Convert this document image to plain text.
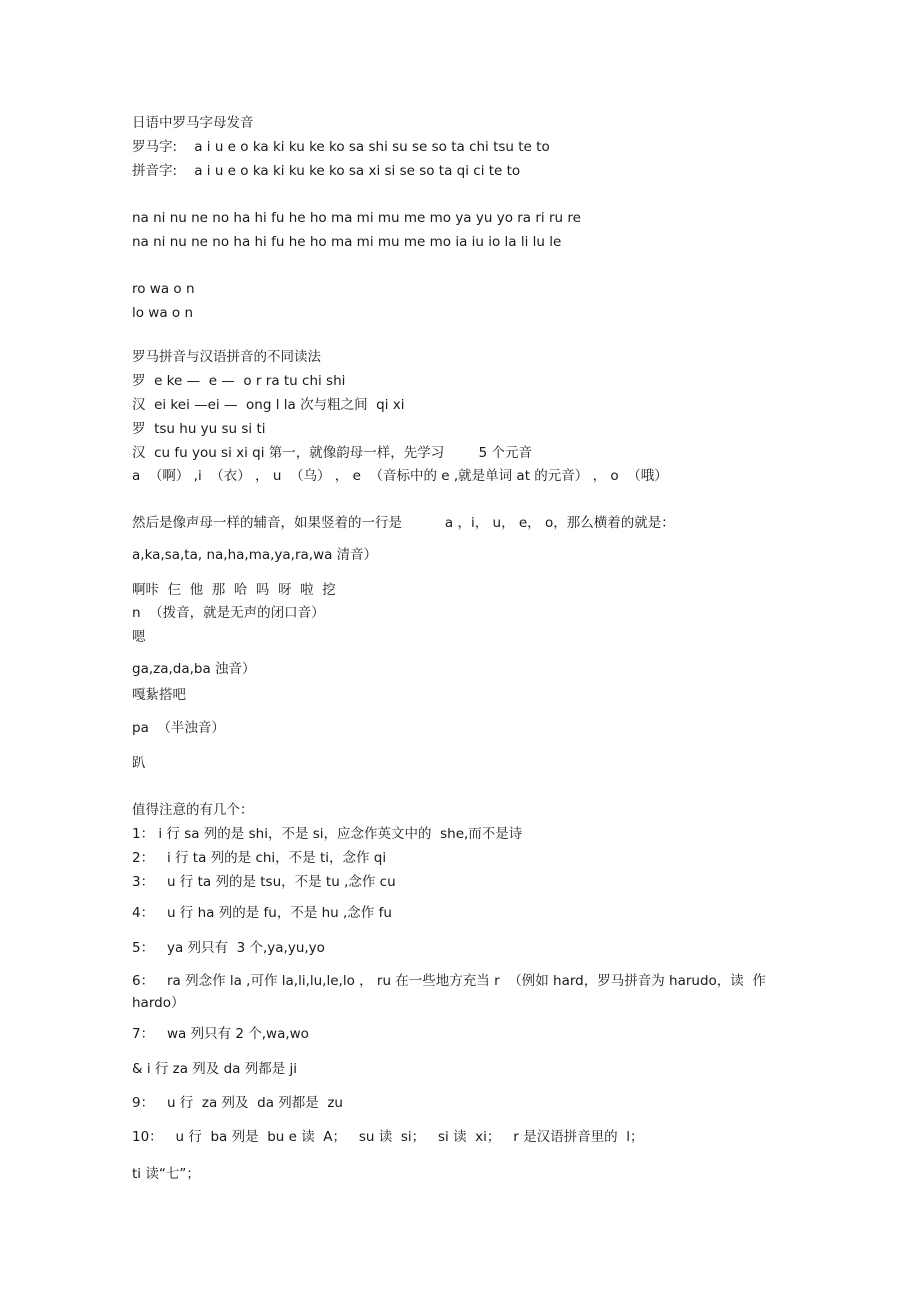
日语中罗马字母发音
罗马字:    a i u e o ka ki ku ke ko sa shi su se so ta chi tsu te to
拼音字:    a i u e o ka ki ku ke ko sa xi si se so ta qi ci te to
na ni nu ne no ha hi fu he ho ma mi mu me mo ya yu yo ra ri ru re
na ni nu ne no ha hi fu he ho ma mi mu me mo ia iu io la li lu le
ro wa o n
lo wa o n
罗马拼音与汉语拼音的不同读法
罗  e ke —  e —  o r ra tu chi shi
汉  ei kei —ei —  ong l la 次与粗之间  qi xi
罗  tsu hu yu su si ti
汉  cu fu you si xi qi 第一，就像韵母一样，先学习        5 个元音
a  （啊） ,i  （衣） ， u  （乌） ， e  （音标中的 e ,就是单词 at 的元音） ， o  （哦）
然后是像声母一样的辅音，如果竖着的一行是          a ，i， u， e， o，那么横着的就是：
a,ka,sa,ta, na,ha,ma,ya,ra,wa 清音）
啊咔  仨  他  那  哈  吗  呀  啦  挖
n  （拨音，就是无声的闭口音）
嗯
ga,za,da,ba 浊音）
嘎紥搭吧
pa  （半浊音）
趴
值得注意的有几个：
1： i 行 sa 列的是 shi，不是 si，应念作英文中的  she,而不是诗
2：   i 行 ta 列的是 chi，不是 ti，念作 qi
3：   u 行 ta 列的是 tsu，不是 tu ,念作 cu
4：   u 行 ha 列的是 fu，不是 hu ,念作 fu
5：   ya 列只有  3 个,ya,yu,yo
6：   ra 列念作 la ,可作 la,li,lu,le,lo ， ru 在一些地方充当 r  （例如 hard，罗马拼音为 harudo，读  作
hardo）
7：   wa 列只有 2 个,wa,wo
& i 行 za 列及 da 列都是 ji
9：   u 行  za 列及  da 列都是  zu
10：   u 行  ba 列是  bu e 读  A；   su 读  si；   si 读  xi；   r 是汉语拼音里的  l；
ti 读“七”；
